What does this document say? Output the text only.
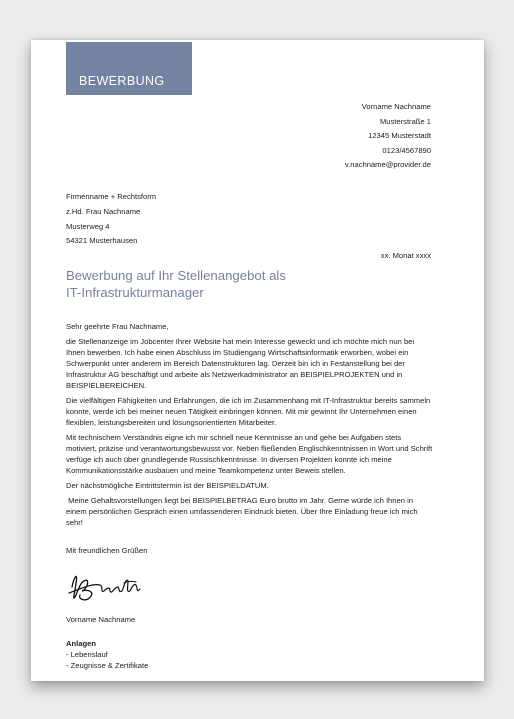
BEWERBUNG
Vorname Nachname
Musterstraße 1
12345 Musterstadt
0123/4567890
v.nachname@provider.de
Firmenname + Rechtsform
z.Hd. Frau Nachname
Musterweg 4
54321 Musterhausen
xx. Monat xxxx
Bewerbung auf Ihr Stellenangebot als
IT-Infrastrukturmanager

Sehr geehrte Frau Nachname,

die Stellenanzeige im Jobcenter Ihrer Website hat mein Interesse geweckt und ich möchte mich nun bei Ihnen bewerben. Ich habe einen Abschluss im Studiengang Wirtschaftsinformatik erworben, wobei ein Schwerpunkt unter anderem im Bereich Datenstrukturen lag. Derzeit bin ich in Festanstellung bei der Infrastruktur AG beschäftigt und arbeite als Netzwerkadministrator an BEISPIELPROJEKTEN und in BEISPIELBEREICHEN.

Die vielfältigen Fähigkeiten und Erfahrungen, die ich im Zusammenhang mit IT-Infrastruktur bereits sammeln konnte, werde ich bei meiner neuen Tätigkeit einbringen können. Mit mir gewinnt Ihr Unternehmen einen flexiblen, leistungsbereiten und lösungsorientierten Mitarbeiter.

Mit technischem Verständnis eigne ich mir schnell neue Kenntnisse an und gehe bei Aufgaben stets motiviert, präzise und verantwortungsbewusst vor. Neben fließenden Englischkenntnissen in Wort und Schrift verfüge ich auch über grundlegende Russischkenntnisse. In diversen Projekten konnte ich meine Kommunikationsstärke ausbauen und meine Teamkompetenz unter Beweis stellen.

Der nächstmögliche Eintrittstermin ist der BEISPIELDATUM.

Meine Gehaltsvorstellungen liegt bei BEISPIELBETRAG Euro brutto im Jahr. Gerne würde ich Ihnen in einem persönlichen Gespräch einen umfassenderen Eindruck bieten. Über Ihre Einladung freue ich mich sehr!

Mit freundlichen Grüßen
Vorname Nachname
Anlagen
- Lebenslauf
- Zeugnisse & Zertifikate
